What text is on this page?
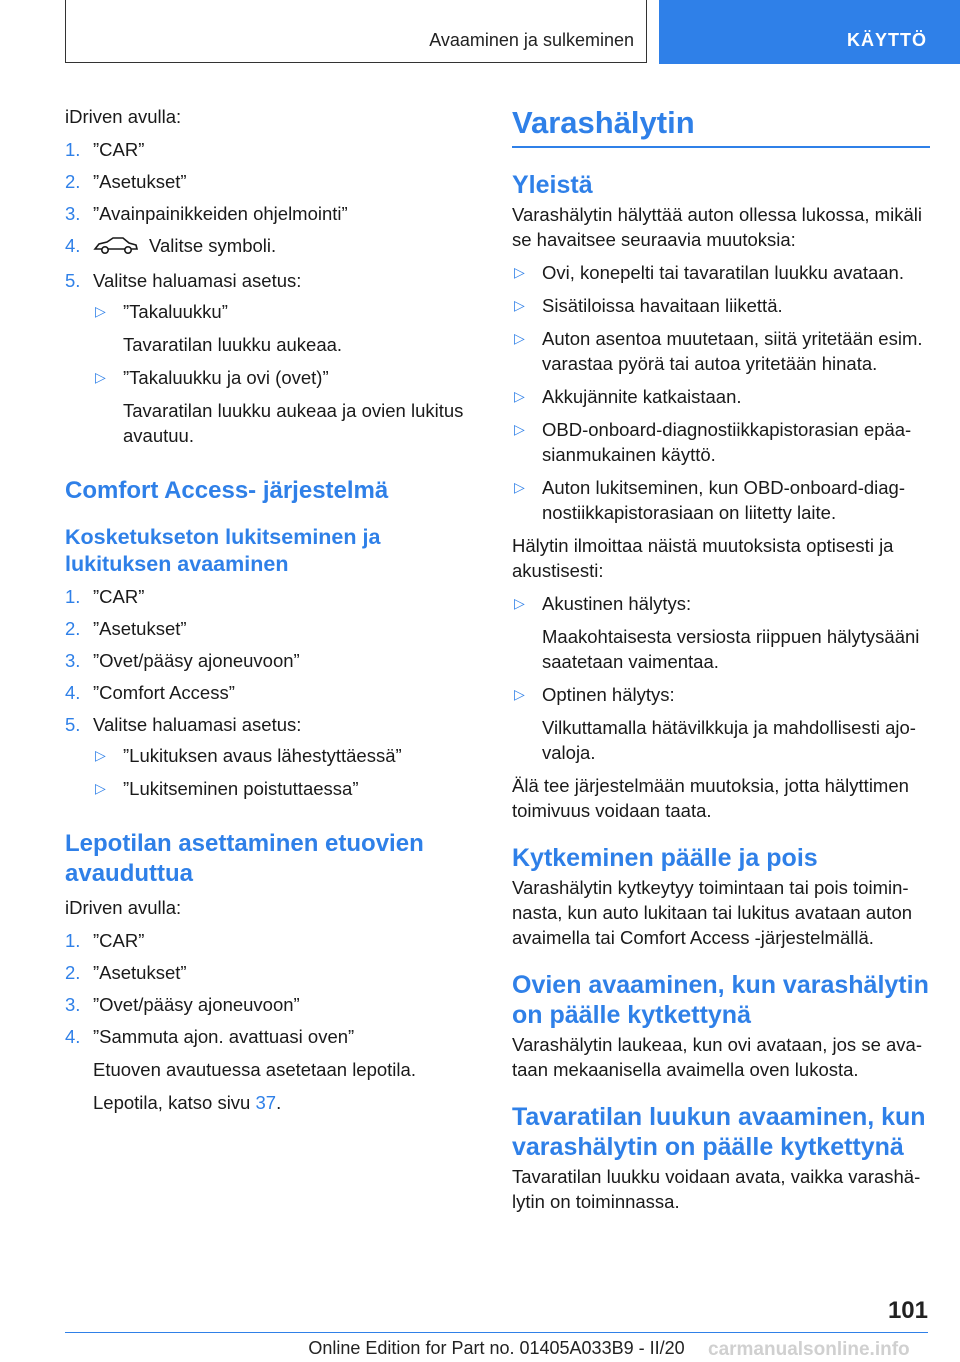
Avaaminen ja sulkeminen	KÄYTTÖ

iDriven avulla:

1. ”CAR”
2. ”Asetukset”
3. ”Avainpainikkeiden ohjelmointi”
4.	Valitse symboli.
5. Valitse haluamasi asetus:
▷ ”Takaluukku”
Tavaratilan luukku aukeaa.
▷ ”Takaluukku ja ovi (ovet)”
Tavaratilan luukku aukeaa ja ovien lukitus avautuu.
Comfort Access- järjestelmä
Kosketukseton lukitseminen ja lukituksen avaaminen
1. ”CAR”
2. ”Asetukset”
3. ”Ovet/pääsy ajoneuvoon”
4. ”Comfort Access”
5. Valitse haluamasi asetus:
▷ ”Lukituksen avaus lähestyttäessä”
▷ ”Lukitseminen poistuttaessa”
Lepotilan asettaminen etuovien avauduttua

iDriven avulla:

1. ”CAR”
2. ”Asetukset”
3. ”Ovet/pääsy ajoneuvoon”
4. ”Sammuta ajon. avattuasi oven”
Etuoven avautuessa asetetaan lepotila.
Lepotila, katso sivu 37.
Varashälytin
Yleistä

Varashälytin hälyttää auton ollessa lukossa, mikäli se havaitsee seuraavia muutoksia:

▷ Ovi, konepelti tai tavaratilan luukku avataan.
▷ Sisätiloissa havaitaan liikettä.
▷ Auton asentoa muutetaan, siitä yritetään esim. varastaa pyörä tai autoa yritetään hinata.
▷ Akkujännite katkaistaan.
▷ OBD-onboard-diagnostiikkapistorasian epäasianmukainen käyttö.
▷ Auton lukitseminen, kun OBD-onboard-diagnostiikkapistorasiaan on liitetty laite.

Hälytin ilmoittaa näistä muutoksista optisesti ja akustisesti:

▷ Akustinen hälytys:
Maakohtaisesta versiosta riippuen hälytysääni saatetaan vaimentaa.
▷ Optinen hälytys:
Vilkuttamalla hätävilkkuja ja mahdollisesti ajovaloja.

Älä tee järjestelmään muutoksia, jotta hälyttimen toimivuus voidaan taata.

Kytkeminen päälle ja pois

Varashälytin kytkeytyy toimintaan tai pois toiminnasta, kun auto lukitaan tai lukitus avataan auton avaimella tai Comfort Access -järjestelmällä.

Ovien avaaminen, kun varashälytin on päälle kytkettynä

Varashälytin laukeaa, kun ovi avataan, jos se avataan mekaanisella avaimella oven lukosta.

Tavaratilan luukun avaaminen, kun varashälytin on päälle kytkettynä

Tavaratilan luukku voidaan avata, vaikka varashälytin on toiminnassa.

101
Online Edition for Part no. 01405A033B9 - II/20	carmanualsonline.info
